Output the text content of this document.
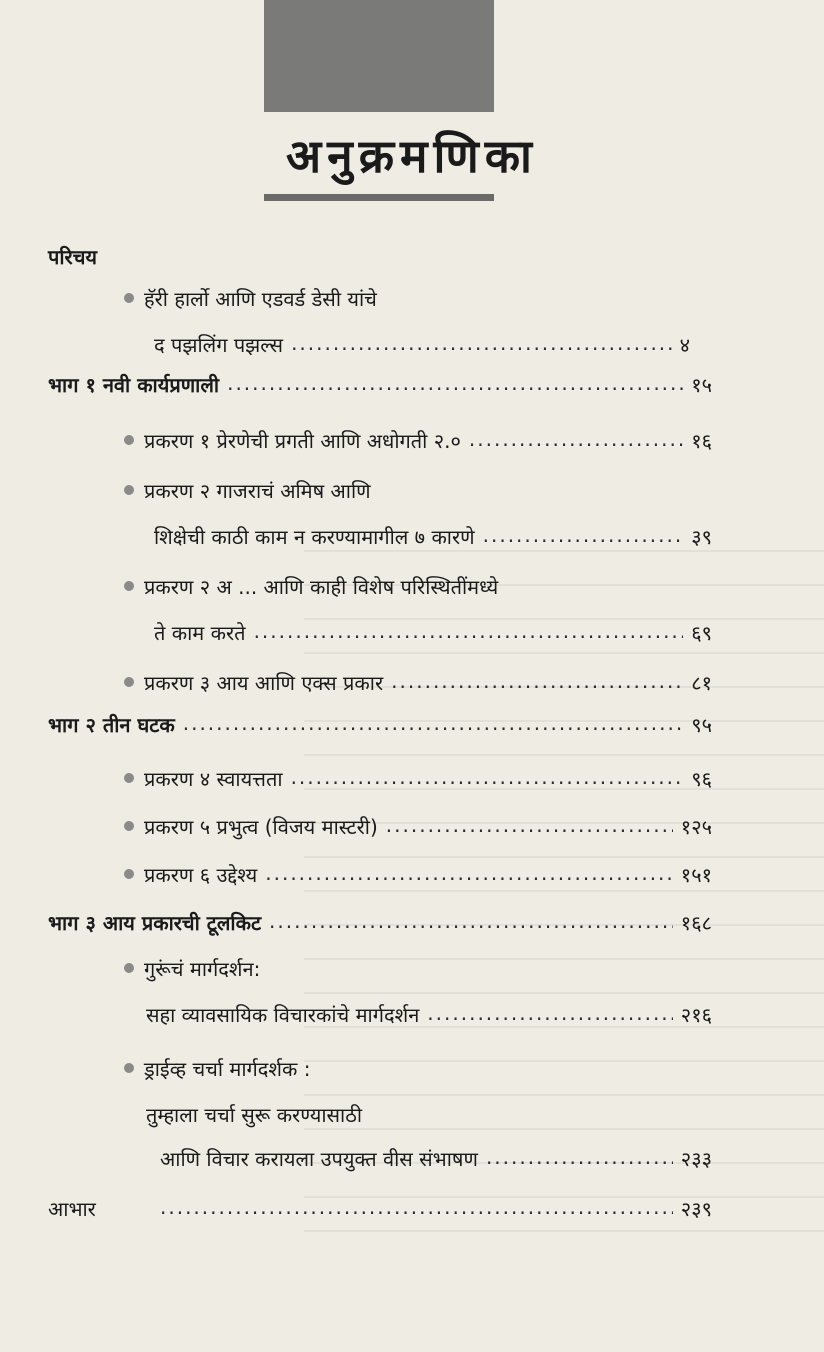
अनुक्रमणिका
परिचय
हॅरी हार्लो आणि एडवर्ड डेसी यांचे
द पझलिंग पझल्स .....	४
भाग १ नवी कार्यप्रणाली .....	१५
प्रकरण १ प्रेरणेची प्रगती आणि अधोगती २.० .....	१६
प्रकरण २ गाजराचं अमिष आणि
शिक्षेची काठी काम न करण्यामागील ७ कारणे .....	३९
प्रकरण २ अ ... आणि काही विशेष परिस्थितींमध्ये
ते काम करते .....	६९
प्रकरण ३ आय आणि एक्स प्रकार .....	८१
भाग २ तीन घटक .....	९५
प्रकरण ४ स्वायत्तता .....	९६
प्रकरण ५ प्रभुत्व (विजय मास्टरी) .....	१२५
प्रकरण ६ उद्देश्य .....	१५१
भाग ३ आय प्रकारची टूलकिट .....	१६८
गुरूंचं मार्गदर्शन:
सहा व्यावसायिक विचारकांचे मार्गदर्शन .....	२१६
ड्राईव्ह चर्चा मार्गदर्शक :
तुम्हाला चर्चा सुरू करण्यासाठी
आणि विचार करायला उपयुक्त वीस संभाषण .....	२३३
आभार .....	२३९
